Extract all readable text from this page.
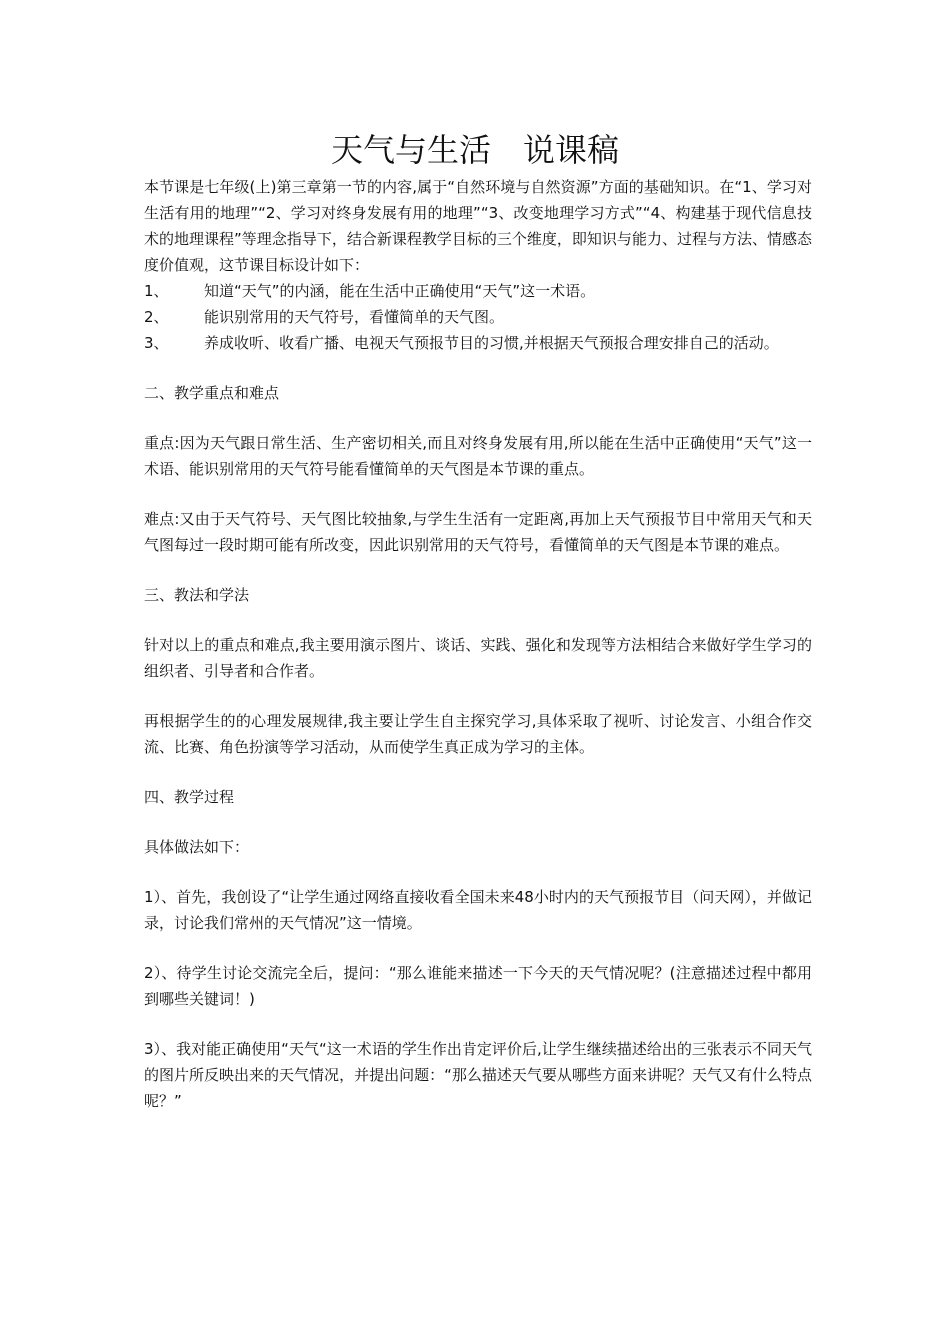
天气与生活　说课稿

本节课是七年级(上)第三章第一节的内容,属于“自然环境与自然资源”方面的基础知识。在“1、学习对生活有用的地理”“2、学习对终身发展有用的地理”“3、改变地理学习方式”“4、构建基于现代信息技术的地理课程”等理念指导下，结合新课程教学目标的三个维度，即知识与能力、过程与方法、情感态度价值观，这节课目标设计如下：

1、 知道“天气”的内涵，能在生活中正确使用“天气”这一术语。

2、 能识别常用的天气符号，看懂简单的天气图。

3、 养成收听、收看广播、电视天气预报节目的习惯,并根据天气预报合理安排自己的活动。

二、教学重点和难点

重点:因为天气跟日常生活、生产密切相关,而且对终身发展有用,所以能在生活中正确使用“天气”这一术语、能识别常用的天气符号能看懂简单的天气图是本节课的重点。

难点:又由于天气符号、天气图比较抽象,与学生生活有一定距离,再加上天气预报节目中常用天气和天气图每过一段时期可能有所改变，因此识别常用的天气符号，看懂简单的天气图是本节课的难点。

三、教法和学法

针对以上的重点和难点,我主要用演示图片、谈话、实践、强化和发现等方法相结合来做好学生学习的组织者、引导者和合作者。

再根据学生的的心理发展规律,我主要让学生自主探究学习,具体采取了视听、讨论发言、小组合作交流、比赛、角色扮演等学习活动，从而使学生真正成为学习的主体。

四、教学过程

具体做法如下：

1）、首先，我创设了“让学生通过网络直接收看全国未来48小时内的天气预报节目（问天网），并做记录，讨论我们常州的天气情况”这一情境。

2）、待学生讨论交流完全后，提问：“那么谁能来描述一下今天的天气情况呢？(注意描述过程中都用到哪些关键词！)

3）、我对能正确使用“天气“这一术语的学生作出肯定评价后,让学生继续描述给出的三张表示不同天气的图片所反映出来的天气情况，并提出问题：“那么描述天气要从哪些方面来讲呢？天气又有什么特点呢？”
